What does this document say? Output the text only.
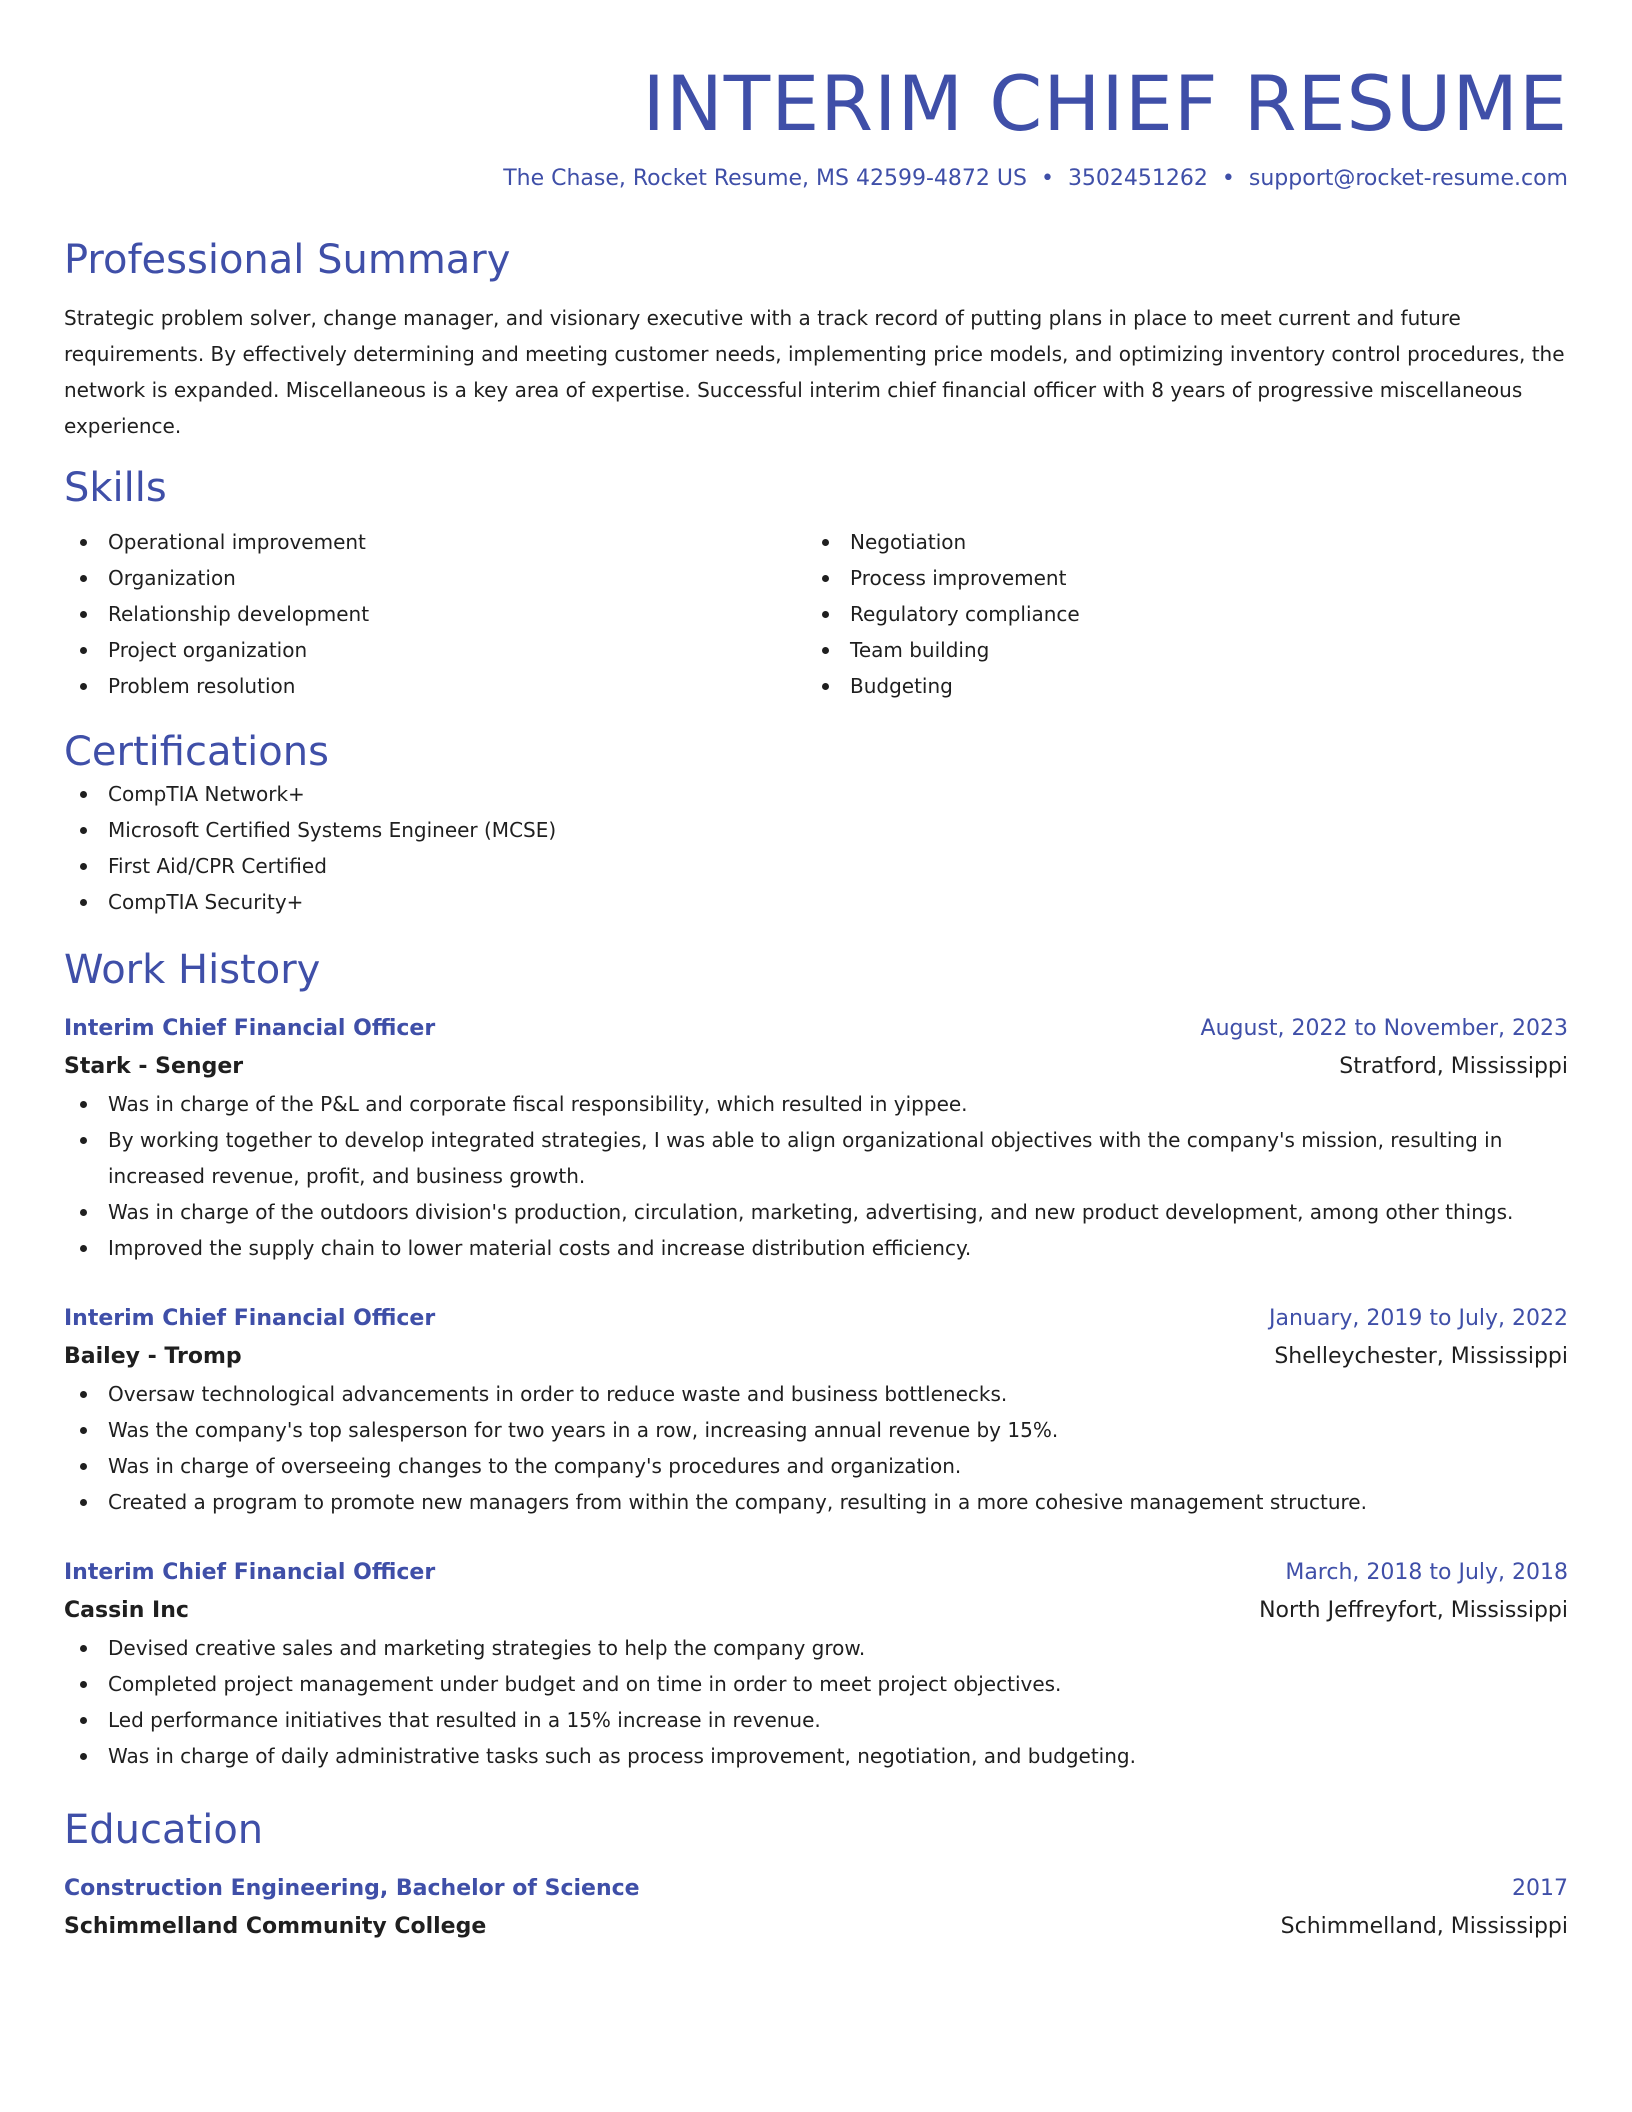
INTERIM CHIEF RESUME
The Chase, Rocket Resume, MS 42599-4872 US • 3502451262 • support@rocket-resume.com
Professional Summary
Strategic problem solver, change manager, and visionary executive with a track record of putting plans in place to meet current and future requirements. By effectively determining and meeting customer needs, implementing price models, and optimizing inventory control procedures, the network is expanded. Miscellaneous is a key area of expertise. Successful interim chief financial officer with 8 years of progressive miscellaneous experience.
Skills
Operational improvement
Organization
Relationship development
Project organization
Problem resolution
Negotiation
Process improvement
Regulatory compliance
Team building
Budgeting
Certifications
CompTIA Network+
Microsoft Certified Systems Engineer (MCSE)
First Aid/CPR Certified
CompTIA Security+
Work History
Interim Chief Financial Officer	August, 2022 to November, 2023
Stark - Senger	Stratford, Mississippi
Was in charge of the P&L and corporate fiscal responsibility, which resulted in yippee.
By working together to develop integrated strategies, I was able to align organizational objectives with the company's mission, resulting in increased revenue, profit, and business growth.
Was in charge of the outdoors division's production, circulation, marketing, advertising, and new product development, among other things.
Improved the supply chain to lower material costs and increase distribution efficiency.
Interim Chief Financial Officer	January, 2019 to July, 2022
Bailey - Tromp	Shelleychester, Mississippi
Oversaw technological advancements in order to reduce waste and business bottlenecks.
Was the company's top salesperson for two years in a row, increasing annual revenue by 15%.
Was in charge of overseeing changes to the company's procedures and organization.
Created a program to promote new managers from within the company, resulting in a more cohesive management structure.
Interim Chief Financial Officer	March, 2018 to July, 2018
Cassin Inc	North Jeffreyfort, Mississippi
Devised creative sales and marketing strategies to help the company grow.
Completed project management under budget and on time in order to meet project objectives.
Led performance initiatives that resulted in a 15% increase in revenue.
Was in charge of daily administrative tasks such as process improvement, negotiation, and budgeting.
Education
Construction Engineering, Bachelor of Science	2017
Schimmelland Community College	Schimmelland, Mississippi
